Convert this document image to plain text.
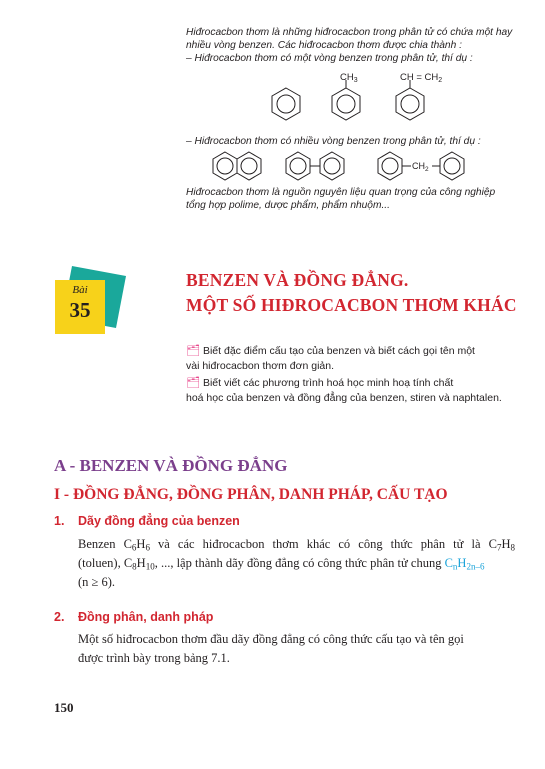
Hiđrocacbon thơm là những hiđrocacbon trong phân tử có chứa một hay
nhiều vòng benzen. Các hiđrocacbon thơm được chia thành :
– Hiđrocacbon thơm có một vòng benzen trong phân tử, thí dụ :
$CH_3$	CH = $CH_2$
– Hiđrocacbon thơm có nhiều vòng benzen trong phân tử, thí dụ :
$CH_2$
Hiđrocacbon thơm là nguồn nguyên liệu quan trọng của công nghiệp
tổng hợp polime, dược phẩm, phẩm nhuộm...
Bài
35
BENZEN VÀ ĐỒNG ĐẲNG.
MỘT SỐ HIĐROCACBON THƠM KHÁC
🗂 Biết đặc điểm cấu tạo của benzen và biết cách gọi tên một
vài hiđrocacbon thơm đơn giản.
🗂 Biết viết các phương trình hoá học minh hoạ tính chất
hoá học của benzen và đồng đẳng của benzen, stiren và naphtalen.
A - BENZEN VÀ ĐỒNG ĐẲNG
I - ĐỒNG ĐẲNG, ĐỒNG PHÂN, DANH PHÁP, CẤU TẠO
1. Dãy đồng đẳng của benzen
Benzen $C_6H_6$ và các hiđrocacbon thơm khác có công thức phân tử là $C_7H_8$
(toluen), $C_8H_{10}$, ..., lập thành dãy đồng đẳng có công thức phân tử chung $C_nH_{2n-6}$
(n ≥ 6).
2. Đồng phân, danh pháp
Một số hiđrocacbon thơm đầu dãy đồng đẳng có công thức cấu tạo và tên gọi
được trình bày trong bảng 7.1.
150
